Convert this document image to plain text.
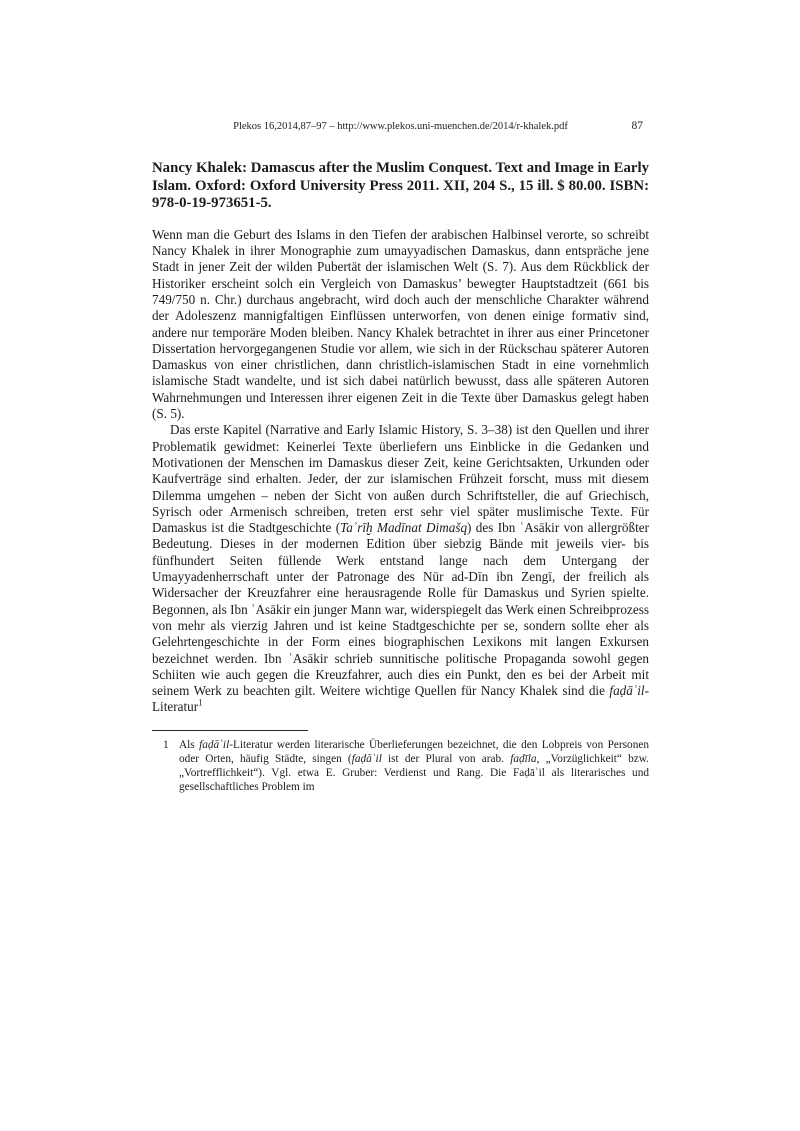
Plekos 16,2014,87–97 – http://www.plekos.uni-muenchen.de/2014/r-khalek.pdf	87
Nancy Khalek: Damascus after the Muslim Conquest. Text and Image in Early Islam. Oxford: Oxford University Press 2011. XII, 204 S., 15 ill. $ 80.00. ISBN: 978-0-19-973651-5.

Wenn man die Geburt des Islams in den Tiefen der arabischen Halbinsel verorte, so schreibt Nancy Khalek in ihrer Monographie zum umayyadischen Damaskus, dann entspräche jene Stadt in jener Zeit der wilden Pubertät der islamischen Welt (S. 7). Aus dem Rückblick der Historiker erscheint solch ein Vergleich von Damaskus’ bewegter Hauptstadtzeit (661 bis 749/750 n. Chr.) durchaus angebracht, wird doch auch der menschliche Charakter während der Adoleszenz mannigfaltigen Einflüssen unterworfen, von denen einige formativ sind, andere nur temporäre Moden bleiben. Nancy Khalek betrachtet in ihrer aus einer Princetoner Dissertation hervorgegangenen Studie vor allem, wie sich in der Rückschau späterer Autoren Damaskus von einer christlichen, dann christlich-islamischen Stadt in eine vornehmlich islamische Stadt wandelte, und ist sich dabei natürlich bewusst, dass alle späteren Autoren Wahrnehmungen und Interessen ihrer eigenen Zeit in die Texte über Damaskus gelegt haben (S. 5).

Das erste Kapitel (Narrative and Early Islamic History, S. 3–38) ist den Quellen und ihrer Problematik gewidmet: Keinerlei Texte überliefern uns Einblicke in die Gedanken und Motivationen der Menschen im Damaskus dieser Zeit, keine Gerichtsakten, Urkunden oder Kaufverträge sind erhalten. Jeder, der zur islamischen Frühzeit forscht, muss mit diesem Dilemma umgehen – neben der Sicht von außen durch Schriftsteller, die auf Griechisch, Syrisch oder Armenisch schreiben, treten erst sehr viel später muslimische Texte. Für Damaskus ist die Stadtgeschichte (Taʾrīḫ Madīnat Dimašq) des Ibn ʿAsākir von allergrößter Bedeutung. Dieses in der modernen Edition über siebzig Bände mit jeweils vier- bis fünfhundert Seiten füllende Werk entstand lange nach dem Untergang der Umayyadenherrschaft unter der Patronage des Nūr ad-Dīn ibn Zengī, der freilich als Widersacher der Kreuzfahrer eine herausragende Rolle für Damaskus und Syrien spielte. Begonnen, als Ibn ʿAsākir ein junger Mann war, widerspiegelt das Werk einen Schreibprozess von mehr als vierzig Jahren und ist keine Stadtgeschichte per se, sondern sollte eher als Gelehrtengeschichte in der Form eines biographischen Lexikons mit langen Exkursen bezeichnet werden. Ibn ʿAsākir schrieb sunnitische politische Propaganda sowohl gegen Schiiten wie auch gegen die Kreuzfahrer, auch dies ein Punkt, den es bei der Arbeit mit seinem Werk zu beachten gilt. Weitere wichtige Quellen für Nancy Khalek sind die faḍāʾil-Literatur$^1$

1 Als faḍāʾil-Literatur werden literarische Überlieferungen bezeichnet, die den Lobpreis von Personen oder Orten, häufig Städte, singen (faḍāʾil ist der Plural von arab. faḍīla, „Vorzüglichkeit“ bzw. „Vortrefflichkeit“). Vgl. etwa E. Gruber: Verdienst und Rang. Die Faḍāʾil als literarisches und gesellschaftliches Problem im
